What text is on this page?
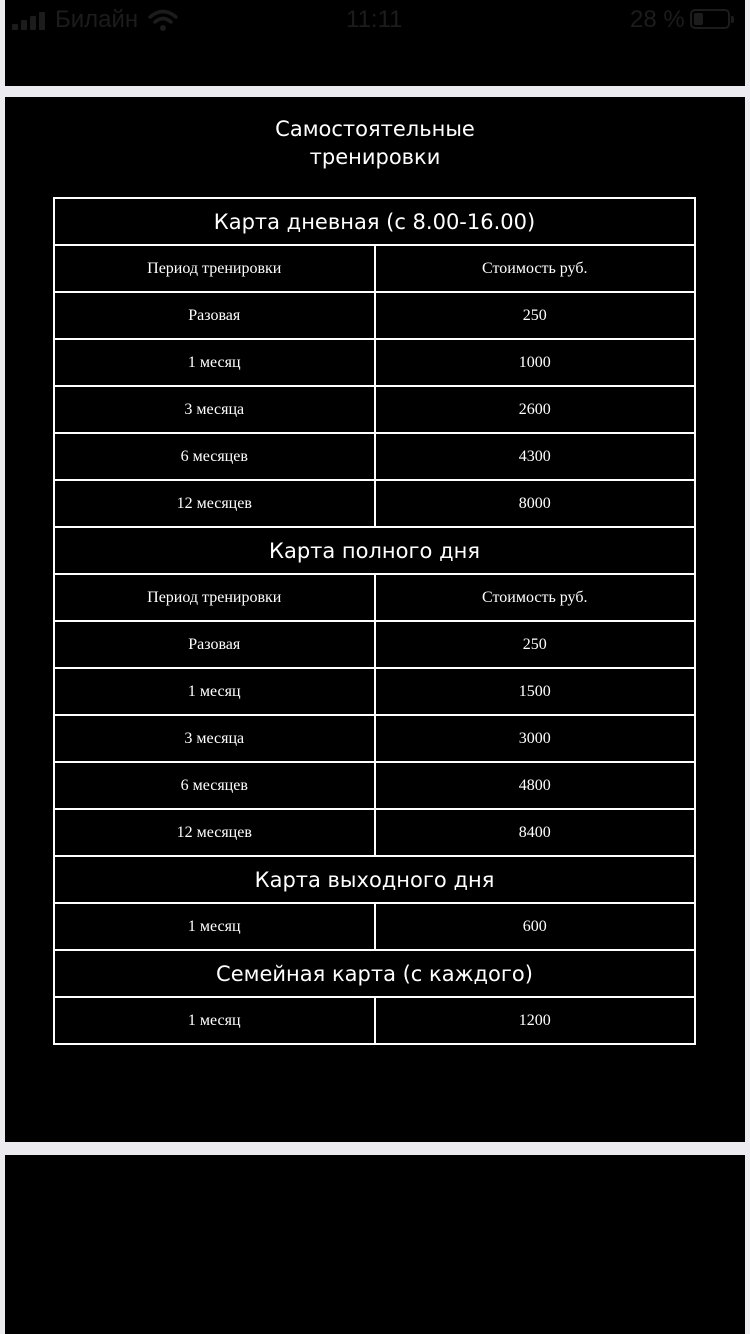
Билайн	11:11	28 %
Самостоятельные
тренировки
Карта дневная (с 8.00-16.00)	
Период тренировки	Стоимость руб.
Разовая	250
1 месяц	1000
3 месяца	2600
6 месяцев	4300
12 месяцев	8000
Карта полного дня	
Период тренировки	Стоимость руб.
Разовая	250
1 месяц	1500
3 месяца	3000
6 месяцев	4800
12 месяцев	8400
Карта выходного дня	
1 месяц	600
Семейная карта (с каждого)	
1 месяц	1200
